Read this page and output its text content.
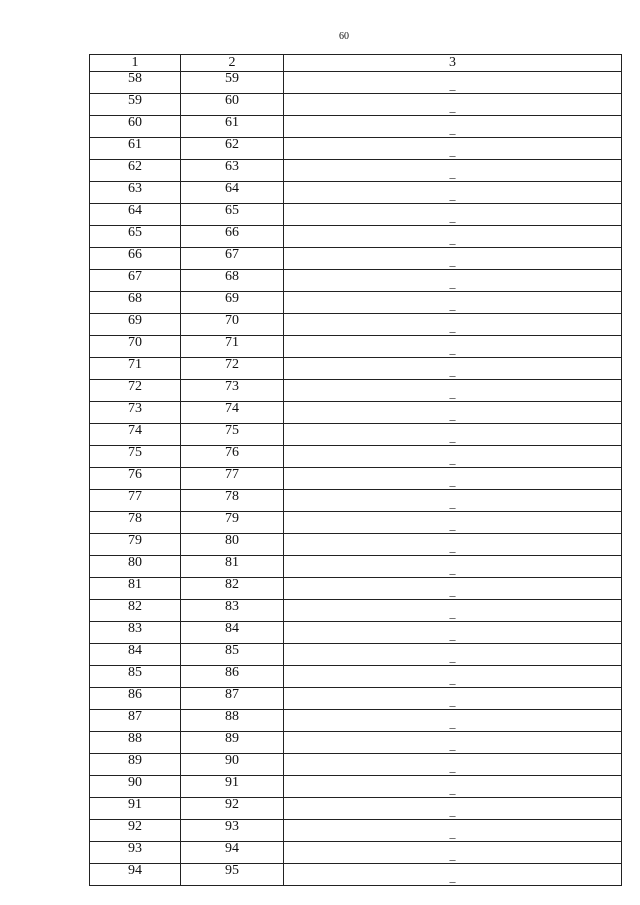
60
1	2	3
58	59	_
59	60	_
60	61	_
61	62	_
62	63	_
63	64	_
64	65	_
65	66	_
66	67	_
67	68	_
68	69	_
69	70	_
70	71	_
71	72	_
72	73	_
73	74	_
74	75	_
75	76	_
76	77	_
77	78	_
78	79	_
79	80	_
80	81	_
81	82	_
82	83	_
83	84	_
84	85	_
85	86	_
86	87	_
87	88	_
88	89	_
89	90	_
90	91	_
91	92	_
92	93	_
93	94	_
94	95	_
